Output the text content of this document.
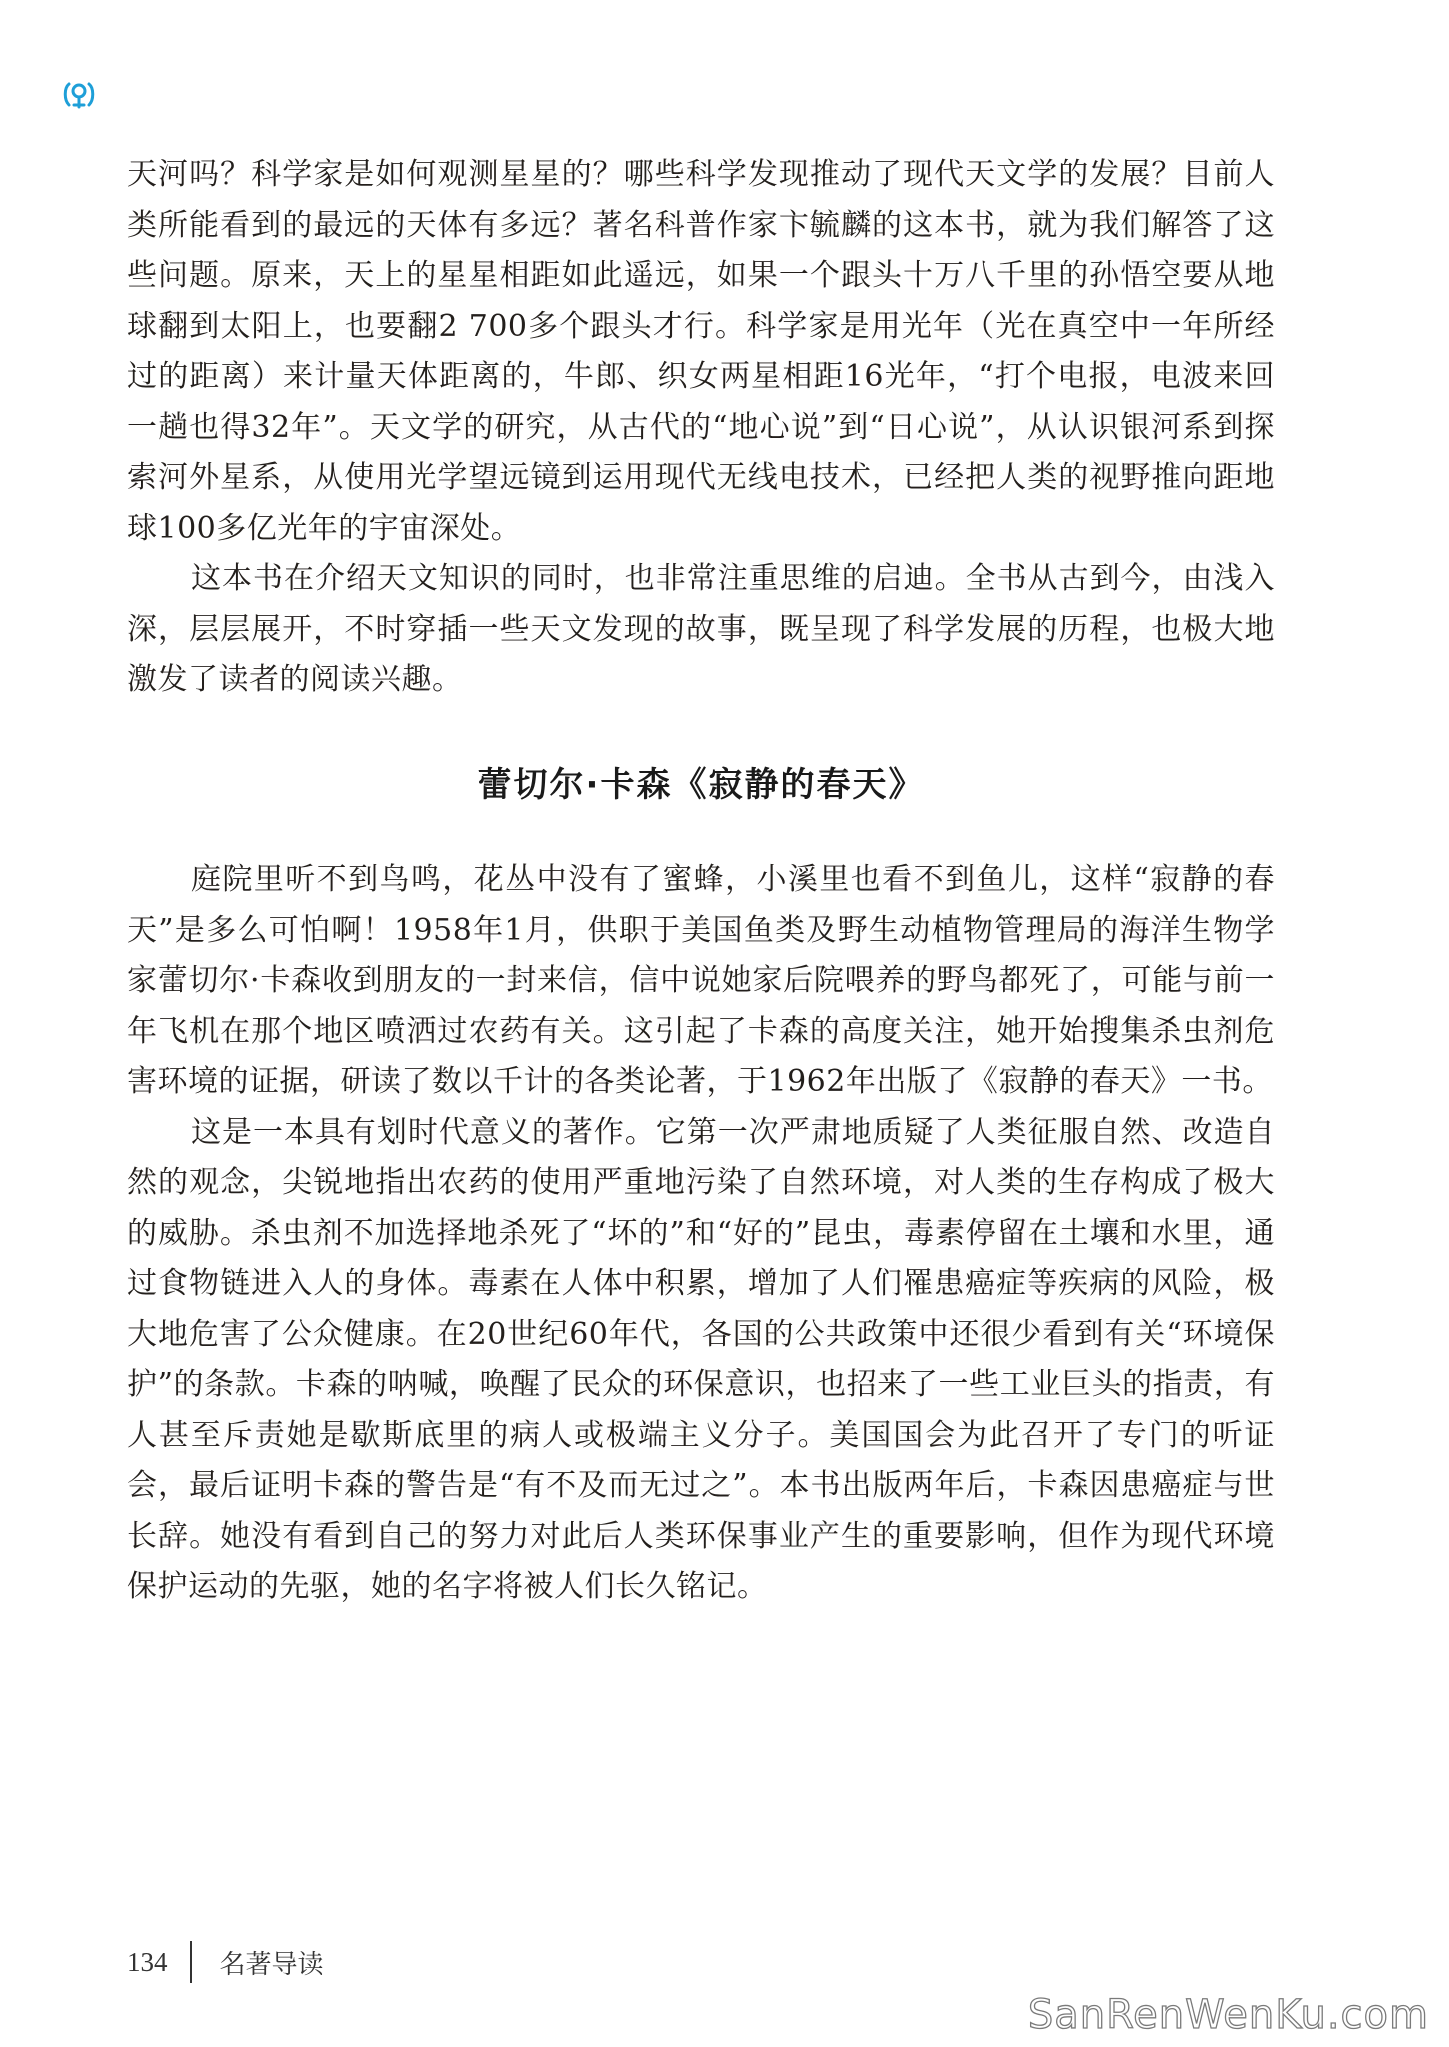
天河吗？科学家是如何观测星星的？哪些科学发现推动了现代天文学的发展？目前人类所能看到的最远的天体有多远？著名科普作家卞毓麟的这本书，就为我们解答了这些问题。原来，天上的星星相距如此遥远，如果一个跟头十万八千里的孙悟空要从地球翻到太阳上，也要翻2 700多个跟头才行。科学家是用光年（光在真空中一年所经过的距离）来计量天体距离的，牛郎、织女两星相距16光年，“打个电报，电波来回一趟也得32年”。天文学的研究，从古代的“地心说”到“日心说”，从认识银河系到探索河外星系，从使用光学望远镜到运用现代无线电技术，已经把人类的视野推向距地球100多亿光年的宇宙深处。

这本书在介绍天文知识的同时，也非常注重思维的启迪。全书从古到今，由浅入深，层层展开，不时穿插一些天文发现的故事，既呈现了科学发展的历程，也极大地激发了读者的阅读兴趣。

蕾切尔·卡森《寂静的春天》

庭院里听不到鸟鸣，花丛中没有了蜜蜂，小溪里也看不到鱼儿，这样“寂静的春天”是多么可怕啊！1958年1月，供职于美国鱼类及野生动植物管理局的海洋生物学家蕾切尔·卡森收到朋友的一封来信，信中说她家后院喂养的野鸟都死了，可能与前一年飞机在那个地区喷洒过农药有关。这引起了卡森的高度关注，她开始搜集杀虫剂危害环境的证据，研读了数以千计的各类论著，于1962年出版了《寂静的春天》一书。

这是一本具有划时代意义的著作。它第一次严肃地质疑了人类征服自然、改造自然的观念，尖锐地指出农药的使用严重地污染了自然环境，对人类的生存构成了极大的威胁。杀虫剂不加选择地杀死了“坏的”和“好的”昆虫，毒素停留在土壤和水里，通过食物链进入人的身体。毒素在人体中积累，增加了人们罹患癌症等疾病的风险，极大地危害了公众健康。在20世纪60年代，各国的公共政策中还很少看到有关“环境保护”的条款。卡森的呐喊，唤醒了民众的环保意识，也招来了一些工业巨头的指责，有人甚至斥责她是歇斯底里的病人或极端主义分子。美国国会为此召开了专门的听证会，最后证明卡森的警告是“有不及而无过之”。本书出版两年后，卡森因患癌症与世长辞。她没有看到自己的努力对此后人类环保事业产生的重要影响，但作为现代环境保护运动的先驱，她的名字将被人们长久铭记。

134 名著导读
SanRenWenKu.com
